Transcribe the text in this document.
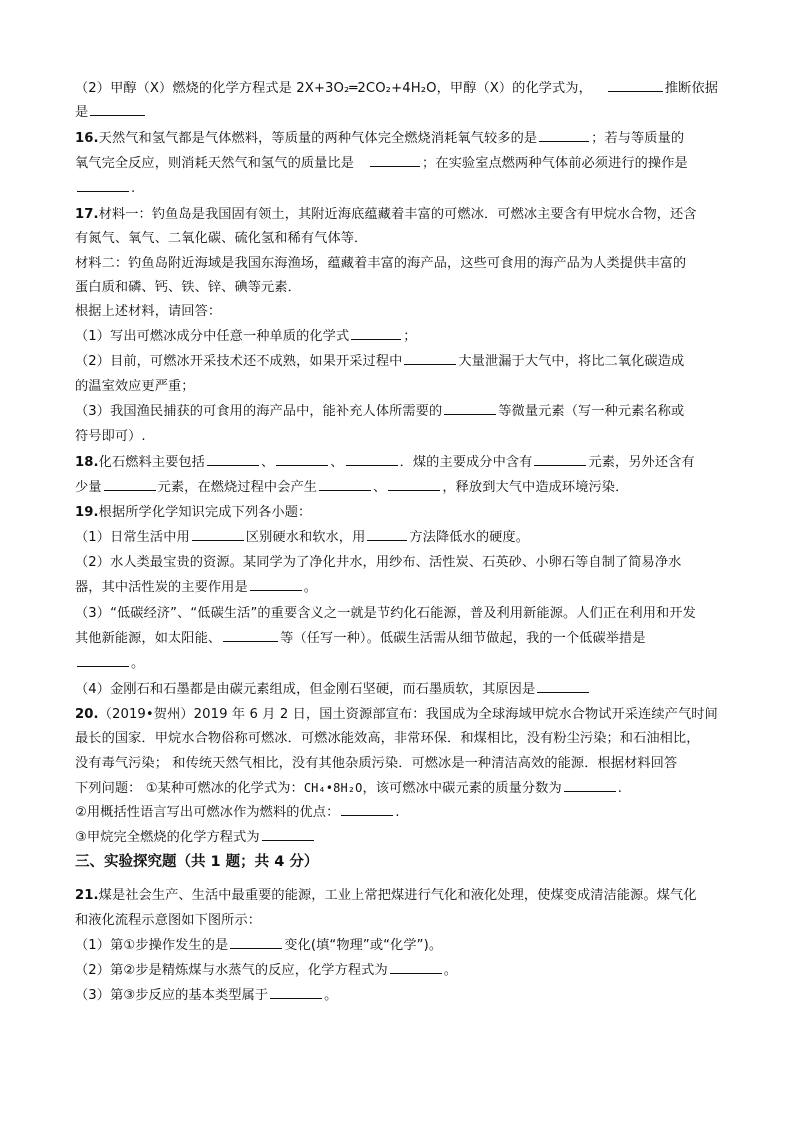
（2）甲醇（X）燃烧的化学方程式是 2X+3O₂═2CO₂+4H₂O，甲醇（X）的化学式为，	推断依据
是
16.天然气和氢气都是气体燃料，等质量的两种气体完全燃烧消耗氧气较多的是	；若与等质量的
氧气完全反应，则消耗天然气和氢气的质量比是	；在实验室点燃两种气体前必须进行的操作是
.
17.材料一：钓鱼岛是我国固有领土，其附近海底蕴藏着丰富的可燃冰．可燃冰主要含有甲烷水合物，还含
有氮气、氧气、二氧化碳、硫化氢和稀有气体等．
材料二：钓鱼岛附近海域是我国东海渔场，蕴藏着丰富的海产品，这些可食用的海产品为人类提供丰富的
蛋白质和磷、钙、铁、锌、碘等元素．
根据上述材料，请回答：
（1）写出可燃冰成分中任意一种单质的化学式	；
（2）目前，可燃冰开采技术还不成熟，如果开采过程中	大量泄漏于大气中，将比二氧化碳造成
的温室效应更严重；
（3）我国渔民捕获的可食用的海产品中，能补充人体所需要的	等微量元素（写一种元素名称或
符号即可）.
18.化石燃料主要包括	、	、	．煤的主要成分中含有	元素，另外还含有
少量	元素，在燃烧过程中会产生	、	，释放到大气中造成环境污染．
19.根据所学化学知识完成下列各小题：
（1）日常生活中用	区别硬水和软水，用	方法降低水的硬度。
（2）水人类最宝贵的资源。某同学为了净化井水，用纱布、活性炭、石英砂、小卵石等自制了简易净水
器，其中活性炭的主要作用是	。
（3）“低碳经济”、“低碳生活”的重要含义之一就是节约化石能源，普及利用新能源。人们正在利用和开发
其他新能源，如太阳能、	等（任写一种）。低碳生活需从细节做起，我的一个低碳举措是
。
（4）金刚石和石墨都是由碳元素组成，但金刚石坚硬，而石墨质软，其原因是
20.（2019•贺州）2019 年 6 月 2 日，国土资源部宣布：我国成为全球海域甲烷水合物试开采连续产气时间
最长的国家．甲烷水合物俗称可燃冰．可燃冰能效高，非常环保．和煤相比，没有粉尘污染；和石油相比，
没有毒气污染； 和传统天然气相比，没有其他杂质污染．可燃冰是一种清洁高效的能源．根据材料回答
下列问题： ①某种可燃冰的化学式为：CH₄•8H₂O，该可燃冰中碳元素的质量分数为	.
②用概括性语言写出可燃冰作为燃料的优点：	.
③甲烷完全燃烧的化学方程式为
三、实验探究题（共 1 题；共 4 分）
21.煤是社会生产、生活中最重要的能源，工业上常把煤进行气化和液化处理，使煤变成清洁能源。煤气化
和液化流程示意图如下图所示：
（1）第①步操作发生的是	变化(填“物理”或“化学”)。
（2）第②步是精炼煤与水蒸气的反应，化学方程式为	。
（3）第③步反应的基本类型属于	。
